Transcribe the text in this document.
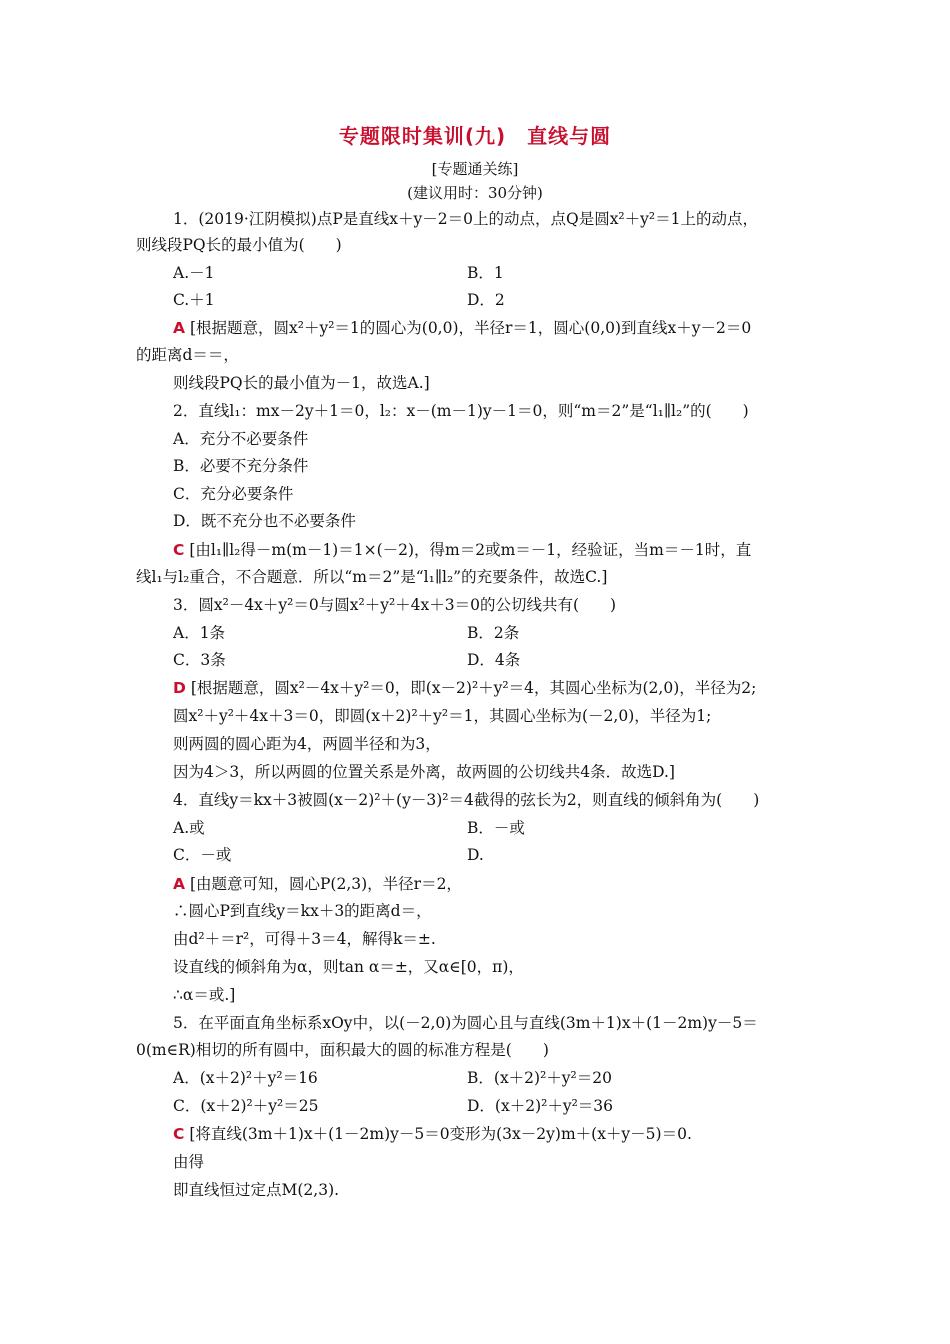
专题限时集训(九)　直线与圆
[专题通关练]
(建议用时：30分钟)
1．(2019·江阴模拟)点P是直线x＋y－2＝0上的动点，点Q是圆x²＋y²＝1上的动点，
则线段PQ长的最小值为(　　)
A.－1	B．1
C.＋1	D．2
A [根据题意，圆x²＋y²＝1的圆心为(0,0)，半径r＝1，圆心(0,0)到直线x＋y－2＝0
的距离d＝＝，
则线段PQ长的最小值为－1，故选A.]
2．直线l₁：mx－2y＋1＝0，l₂：x－(m－1)y－1＝0，则“m＝2”是“l₁∥l₂”的(　　)
A．充分不必要条件
B．必要不充分条件
C．充分必要条件
D．既不充分也不必要条件
C [由l₁∥l₂得－m(m－1)＝1×(－2)，得m＝2或m＝－1，经验证，当m＝－1时，直
线l₁与l₂重合，不合题意．所以“m＝2”是“l₁∥l₂”的充要条件，故选C.]
3．圆x²－4x＋y²＝0与圆x²＋y²＋4x＋3＝0的公切线共有(　　)
A．1条	B．2条
C．3条	D．4条
D [根据题意，圆x²－4x＋y²＝0，即(x－2)²＋y²＝4，其圆心坐标为(2,0)，半径为2;
圆x²＋y²＋4x＋3＝0，即圆(x＋2)²＋y²＝1，其圆心坐标为(－2,0)，半径为1;
则两圆的圆心距为4，两圆半径和为3，
因为4＞3，所以两圆的位置关系是外离，故两圆的公切线共4条．故选D.]
4．直线y＝kx＋3被圆(x－2)²＋(y－3)²＝4截得的弦长为2，则直线的倾斜角为(　　)
A.或	B．－或
C．－或	D.
A [由题意可知，圆心P(2,3)，半径r＝2，
∴圆心P到直线y＝kx＋3的距离d＝，
由d²＋＝r²，可得＋3＝4，解得k＝±.
设直线的倾斜角为α，则tan α＝±，又α∈[0，π)，
∴α＝或.]
5．在平面直角坐标系xOy中，以(－2,0)为圆心且与直线(3m＋1)x＋(1－2m)y－5＝
0(m∈R)相切的所有圆中，面积最大的圆的标准方程是(　　)
A．(x＋2)²＋y²＝16	B．(x＋2)²＋y²＝20
C．(x＋2)²＋y²＝25	D．(x＋2)²＋y²＝36
C [将直线(3m＋1)x＋(1－2m)y－5＝0变形为(3x－2y)m＋(x＋y－5)＝0.
由得
即直线恒过定点M(2,3).
